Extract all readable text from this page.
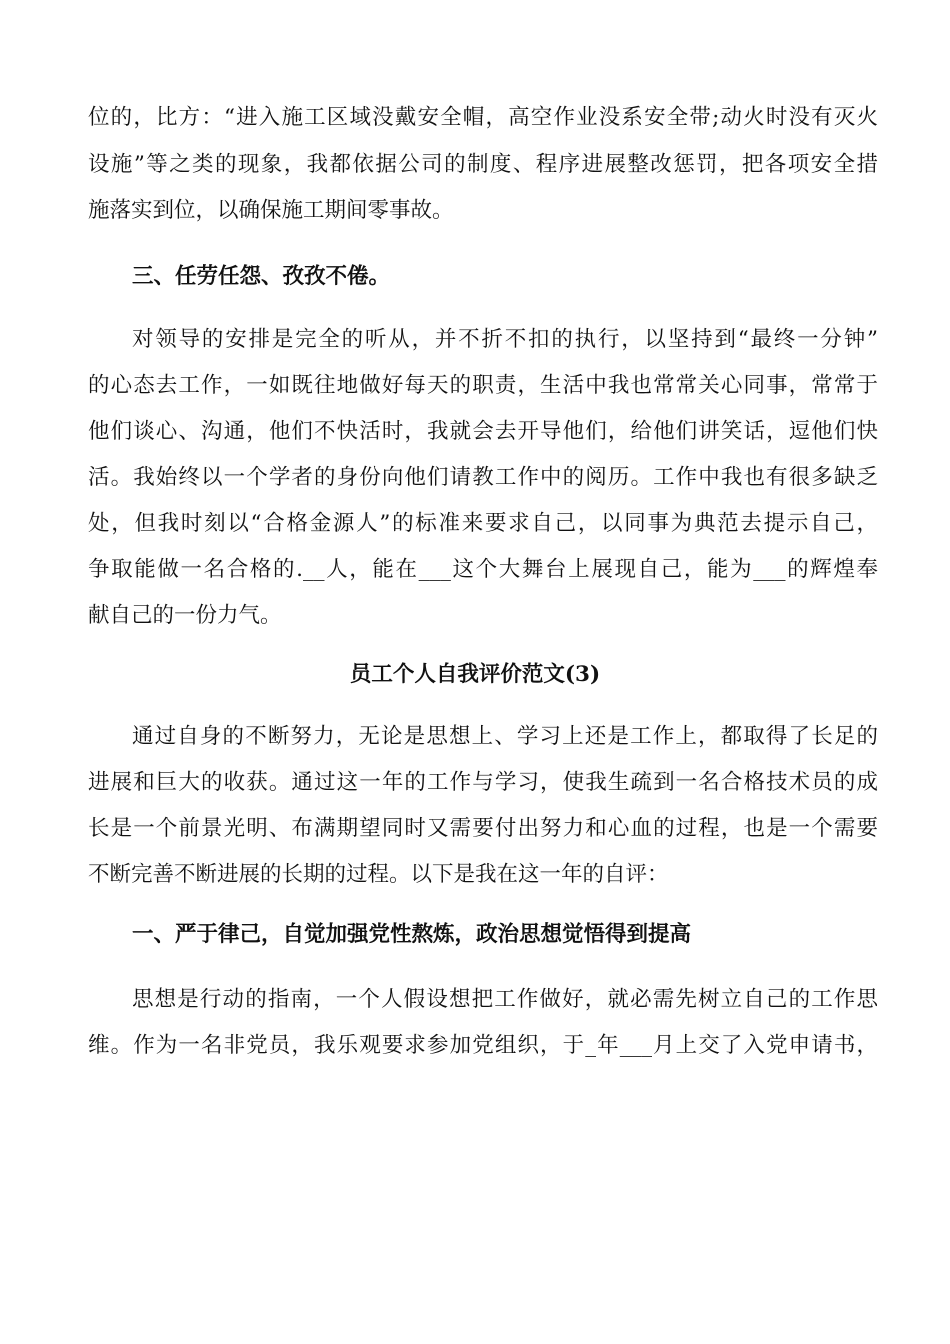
位的，比方：“进入施工区域没戴安全帽，高空作业没系安全带;动火时没有灭火
设施”等之类的现象，我都依据公司的制度、程序进展整改惩罚，把各项安全措
施落实到位，以确保施工期间零事故。
三、任劳任怨、孜孜不倦。
对领导的安排是完全的听从，并不折不扣的执行，以坚持到“最终一分钟”
的心态去工作，一如既往地做好每天的职责，生活中我也常常关心同事，常常于
他们谈心、沟通，他们不快活时，我就会去开导他们，给他们讲笑话，逗他们快
活。我始终以一个学者的身份向他们请教工作中的阅历。工作中我也有很多缺乏
处，但我时刻以“合格金源人”的标准来要求自己，以同事为典范去提示自己，
争取能做一名合格的.__人，能在___这个大舞台上展现自己，能为___的辉煌奉
献自己的一份力气。
员工个人自我评价范文(3)
通过自身的不断努力，无论是思想上、学习上还是工作上，都取得了长足的
进展和巨大的收获。通过这一年的工作与学习，使我生疏到一名合格技术员的成
长是一个前景光明、布满期望同时又需要付出努力和心血的过程，也是一个需要
不断完善不断进展的长期的过程。以下是我在这一年的自评：
一、严于律己，自觉加强党性熬炼，政治思想觉悟得到提高
思想是行动的指南，一个人假设想把工作做好，就必需先树立自己的工作思
维。作为一名非党员，我乐观要求参加党组织，于_年___月上交了入党申请书，
